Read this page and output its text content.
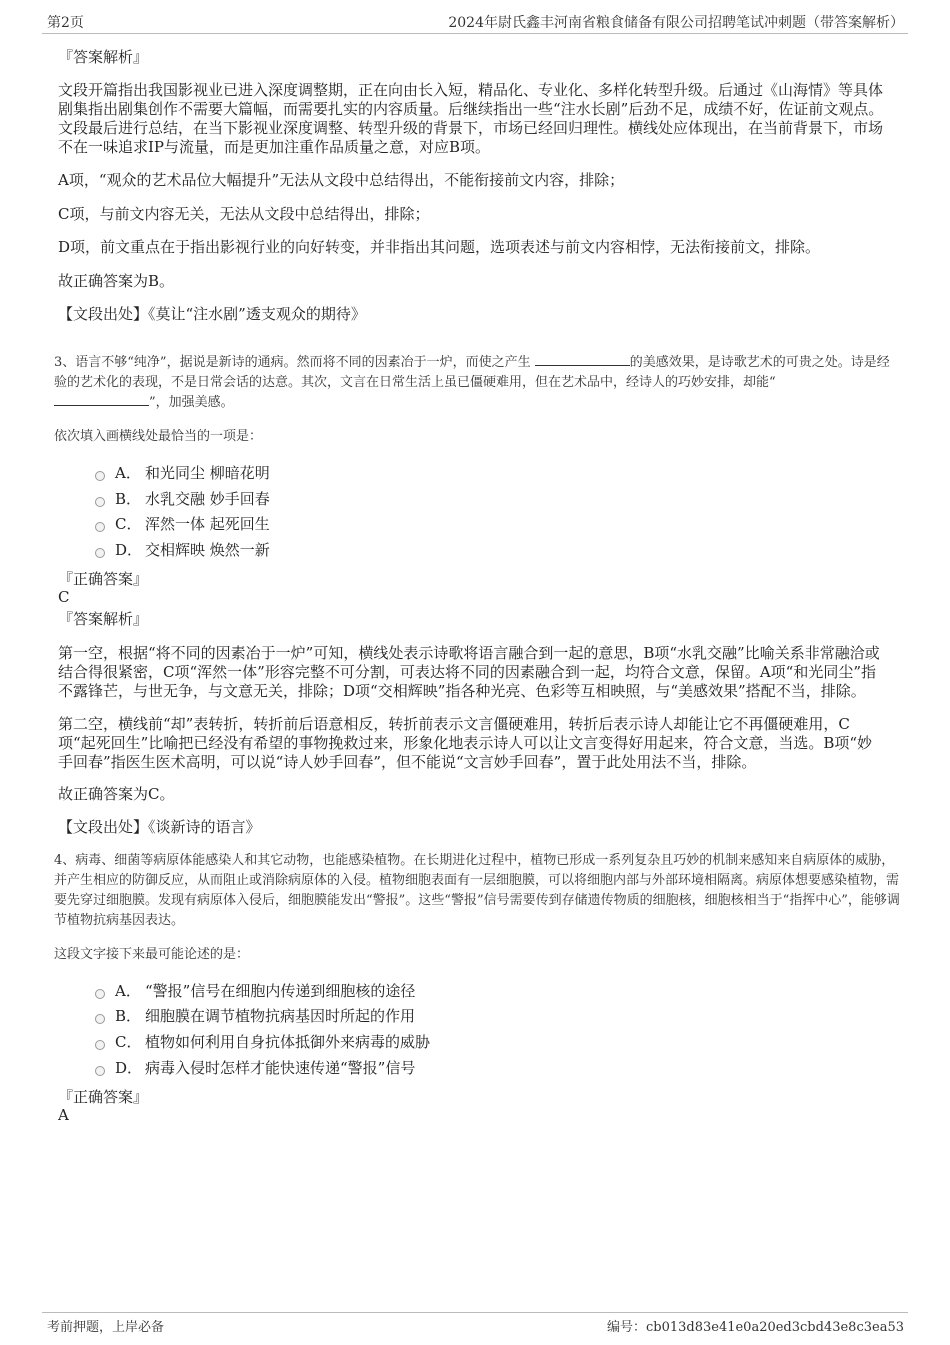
第2页	2024年尉氏鑫丰河南省粮食储备有限公司招聘笔试冲刺题（带答案解析）
『答案解析』
文段开篇指出我国影视业已进入深度调整期，正在向由长入短，精品化、专业化、多样化转型升级。后通过《山海情》等具体剧集指出剧集创作不需要大篇幅，而需要扎实的内容质量。后继续指出一些“注水长剧”后劲不足，成绩不好，佐证前文观点。文段最后进行总结，在当下影视业深度调整、转型升级的背景下，市场已经回归理性。横线处应体现出，在当前背景下，市场不在一味追求IP与流量，而是更加注重作品质量之意，对应B项。
A项，“观众的艺术品位大幅提升”无法从文段中总结得出，不能衔接前文内容，排除；
C项，与前文内容无关，无法从文段中总结得出，排除；
D项，前文重点在于指出影视行业的向好转变，并非指出其问题，选项表述与前文内容相悖，无法衔接前文，排除。
故正确答案为B。
【文段出处】《莫让“注水剧”透支观众的期待》
3、语言不够“纯净”，据说是新诗的通病。然而将不同的因素冶于一炉，而使之产生	的美感效果，是诗歌艺术的可贵之处。诗是经验的艺术化的表现，不是日常会话的达意。其次，文言在日常生活上虽已僵硬难用，但在艺术品中，经诗人的巧妙安排，却能“
”，加强美感。
依次填入画横线处最恰当的一项是：
A． 和光同尘 柳暗花明
B． 水乳交融 妙手回春
C． 浑然一体 起死回生
D． 交相辉映 焕然一新
『正确答案』
C
『答案解析』
第一空，根据“将不同的因素冶于一炉”可知，横线处表示诗歌将语言融合到一起的意思，B项“水乳交融”比喻关系非常融洽或结合得很紧密，C项“浑然一体”形容完整不可分割，可表达将不同的因素融合到一起，均符合文意，保留。A项“和光同尘”指不露锋芒，与世无争，与文意无关，排除；D项“交相辉映”指各种光亮、色彩等互相映照，与“美感效果”搭配不当，排除。
第二空，横线前“却”表转折，转折前后语意相反，转折前表示文言僵硬难用，转折后表示诗人却能让它不再僵硬难用，C项“起死回生”比喻把已经没有希望的事物挽救过来，形象化地表示诗人可以让文言变得好用起来，符合文意，当选。B项“妙手回春”指医生医术高明，可以说“诗人妙手回春”，但不能说“文言妙手回春”，置于此处用法不当，排除。
故正确答案为C。
【文段出处】《谈新诗的语言》
4、病毒、细菌等病原体能感染人和其它动物，也能感染植物。在长期进化过程中，植物已形成一系列复杂且巧妙的机制来感知来自病原体的威胁，并产生相应的防御反应，从而阻止或消除病原体的入侵。植物细胞表面有一层细胞膜，可以将细胞内部与外部环境相隔离。病原体想要感染植物，需要先穿过细胞膜。发现有病原体入侵后，细胞膜能发出“警报”。这些“警报”信号需要传到存储遗传物质的细胞核，细胞核相当于“指挥中心”，能够调节植物抗病基因表达。
这段文字接下来最可能论述的是：
A． “警报”信号在细胞内传递到细胞核的途径
B． 细胞膜在调节植物抗病基因时所起的作用
C． 植物如何利用自身抗体抵御外来病毒的威胁
D． 病毒入侵时怎样才能快速传递“警报”信号
『正确答案』
A
考前押题，上岸必备	编号：cb013d83e41e0a20ed3cbd43e8c3ea53
